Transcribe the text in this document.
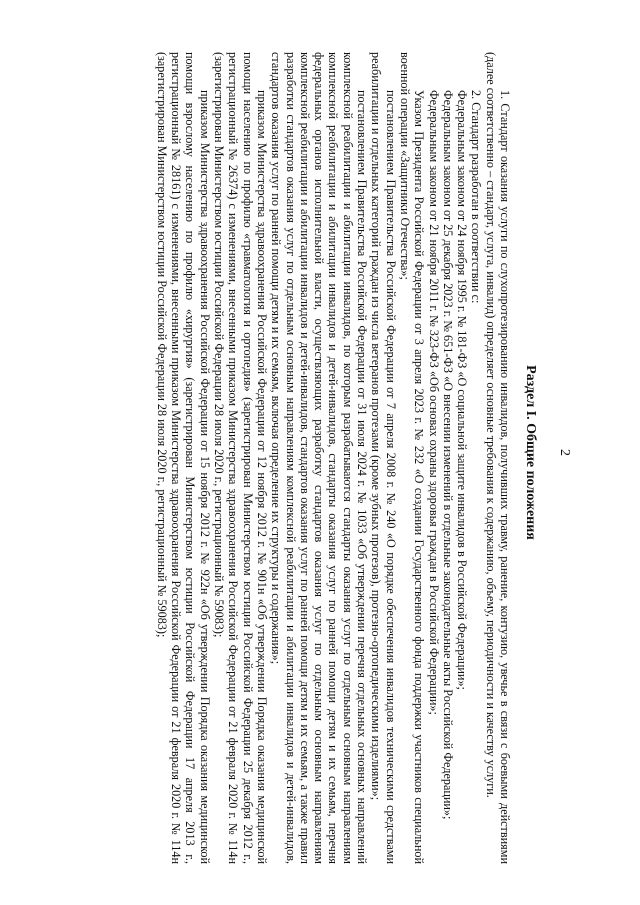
2
Раздел I. Общие положения

1. Стандарт оказания услуги по слухопротезированию инвалидов, получивших травму, ранение, контузию, увечье в связи с боевыми действиями (далее соответственно – стандарт, услуга, инвалид) определяет основные требования к содержанию, объему, периодичности и качеству услуги.

2. Стандарт разработан в соответствии с:

Федеральным законом от 24 ноября 1995 г. № 181-ФЗ «О социальной защите инвалидов в Российской Федерации»;

Федеральным законом от 25 декабря 2023 г. № 651-ФЗ «О внесении изменений в отдельные законодательные акты Российской Федерации»;

Федеральным законом от 21 ноября 2011 г. № 323-ФЗ «Об основах охраны здоровья граждан в Российской Федерации»;

Указом Президента Российской Федерации от 3 апреля 2023 г. № 232 «О создании Государственного фонда поддержки участников специальной военной операции «Защитники Отечества»;

постановлением Правительства Российской Федерации от 7 апреля 2008 г. № 240 «О порядке обеспечения инвалидов техническими средствами реабилитации и отдельных категорий граждан из числа ветеранов протезами (кроме зубных протезов), протезно-ортопедическими изделиями»;

постановлением Правительства Российской Федерации от 31 июля 2024 г. № 1033 «Об утверждении перечня отдельных основных направлений комплексной реабилитации и абилитации инвалидов, по которым разрабатываются стандарты оказания услуг по отдельным основным направлениям комплексной реабилитации и абилитации инвалидов и детей-инвалидов, стандарты оказания услуг по ранней помощи детям и их семьям, перечня федеральных органов исполнительной власти, осуществляющих разработку стандартов оказания услуг по отдельным основным направлениям комплексной реабилитации и абилитации инвалидов и детей-инвалидов, стандартов оказания услуг по ранней помощи детям и их семьям, а также правил разработки стандартов оказания услуг по отдельным основным направлениям комплексной реабилитации и абилитации инвалидов и детей-инвалидов, стандартов оказания услуг по ранней помощи детям и их семьям, включая определение их структуры и содержания»;

приказом Министерства здравоохранения Российской Федерации от 12 ноября 2012 г. № 901н «Об утверждении Порядка оказания медицинской помощи населению по профилю «травматология и ортопедия» (зарегистрирован Министерством юстиции Российской Федерации 25 декабря 2012 г., регистрационный № 26374) с изменениями, внесенными приказом Министерства здравоохранения Российской Федерации от 21 февраля 2020 г. № 114н (зарегистрирован Министерством юстиции Российской Федерации 28 июля 2020 г., регистрационный № 59083);

приказом Министерства здравоохранения Российской Федерации от 15 ноября 2012 г. № 922н «Об утверждении Порядка оказания медицинской помощи взрослому населению по профилю «хирургия» (зарегистрирован Министерством юстиции Российской Федерации 17 апреля 2013 г., регистрационный № 28161) с изменениями, внесенными приказом Министерства здравоохранения Российской Федерации от 21 февраля 2020 г. № 114н (зарегистрирован Министерством юстиции Российской Федерации 28 июля 2020 г., регистрационный № 59083);
